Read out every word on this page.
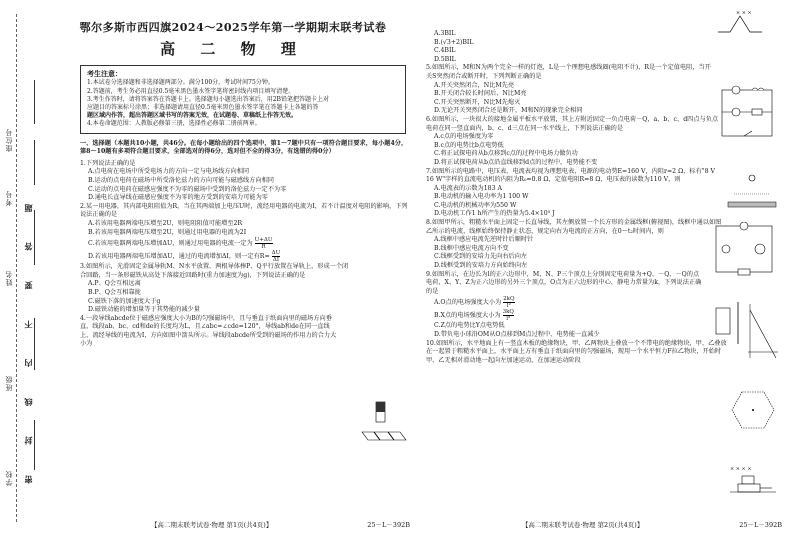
学校
班级
姓名
考号
座位号
密 封 线 内 不 要 答 题
鄂尔多斯市西四旗2024～2025学年第一学期期末联考试卷
高 二 物 理
考生注意：
1.本试卷分选择题和非选择题两部分。满分100分，考试时间75分钟。
2.答题前，考生务必用直径0.5毫米黑色墨水签字笔将密封线内项目填写清楚。
3.考生作答时，请将答案答在答题卡上。选择题每小题选出答案后，用2B铅笔把答题卡上对
应题目的答案标号涂黑；非选择题请用直径0.5毫米黑色墨水签字笔在答题卡上各题的答
题区域内作答，超出答题区域书写的答案无效，在试题卷、草稿纸上作答无效。
4.本卷命题范围：人教版必修第三册，选择性必修第二册前两章。
一、选择题（本题共10小题，共46分。在每小题给出的四个选项中，第1～7题中只有一项符合题目要求，每小题4分，第8～10题有多项符合题目要求，全部选对的得6分，选对但不全的得3分，有选错的得0分）
1.下列说法正确的是
A.点电荷在电场中所受电场力的方向一定与电场线方向相同
B.运动的点电荷在磁场中所受洛伦兹力的方向可能与磁感线方向相同
C.运动的点电荷在磁感应强度不为零的磁场中受到的洛伦兹力一定不为零
D.通电长直导线在磁感应强度不为零的地方受到的安培力可能为零
2.某一用电器，其内部电阻阻值为R，当在其两端加上电压U时，流经用电器的电流为I，若不计温度对电阻的影响，下列说法正确的是
A.若该用电器两端电压增至2U，则电阻阻值可能增至2R
B.若该用电器两端电压增至2U，则通过用电器的电流为2I
C.若该用电器两端电压增加ΔU，则通过用电器的电流一定为 $\frac{U+\Delta U}{R}$
D.若该用电器两端电压增加ΔU，通过的电流增加ΔI，则一定有$R= \frac{\Delta U}{\Delta I}$
3.如图所示，光滑固定金属导轨M、N水平放置，两根导体棒P、Q平行放置在导轨上，形成一个闭合回路，当一条形磁铁从高处下落接近回路时(重力加速度为g)，下列说法正确的是
A.P、Q会互相远离
B.P、Q会互相靠拢
C.磁铁下落的加速度大于g
D.磁铁动能的增加量等于其势能的减少量
4.一段导线abcde位于磁感应强度大小为B的匀强磁场中，且与垂直于纸面向里的磁场方向垂直，线段ab、bc、cd和de的长度均为L，且∠abc=∠cde=120°，导线ab和de在同一直线上，流经导线的电流为I，方向如图中箭头所示。导线段abcde所受到的磁场的作用力的合力大小为
【高二期末联考试卷·物理 第1页(共4页)】	25－L－392B
A.3BIL
B.(√3+2)BIL
C.4BIL
D.5BIL
5.如图所示，M和N为两个完全一样的灯泡，L是一个理想电感线圈(电阻不计)，R是一个定值电阻，当开关S突然闭合或断开时，下列判断正确的是
A.开关突然闭合，N比M先亮
B.开关闭合较长时间后，N比M亮
C.开关突然断开，N比M先熄灭
D.无论开关突然闭合还是断开，M和N的现象完全相同
6.如图所示，一块很大的接地金属平板水平放置，其上方附近固定一负点电荷－Q，a、b、c、d四点与负点电荷在同一竖直面内，b、c、d三点在同一水平线上，下列说法正确的是
A.c点的电场强度为零
B.c点的电势比b点电势低
C.将正试探电荷从b点移到c点的过程中电场力做负功
D.将正试探电荷从b点沿直线移到d点的过程中，电势能不变
7.如图所示的电路中，电压表、电流表均视为理想电表，电源的电动势E=160 V，内阻r=2 Ω，标有"8 V 16 W"字样的直流电动机的内阻为R₀=0.8 Ω，定值电阻R=8 Ω，电压表的读数为110 V，则
A.电流表的示数为183 A
B.电动机的输入电功率为1 100 W
C.电动机的机械功率为550 W
D.电动机工作1 h所产生的热量为5.4×10⁵ J
8.如图甲所示，粗糙水平面上固定一长直导线，其左侧放置一个长方形的金属线框(俯视图)，线框中通以如图乙所示的电流，线框始终保持静止状态，规定向右为电流的正方向，在0～t₂时间内，则
A.线框中感应电流先逆时针后顺时针
B.线框中感应电流方向不变
C.线框受到的安培力先向右后向左
D.线框受到的安培力方向始终向左
9.如图所示，在边长为l的正六边形中，M、N、P三个顶点上分别固定电荷量为+Q、－Q、－Q的点电荷，X、Y、Z为正六边形的另外三个顶点，O点为正六边形的中心，静电力常量为k，下列说法正确的是
A.O点的电场强度大小为 $\frac{2kQ}{\text{l²}}$
B.X点的电场强度大小为 $\frac{3kQ}{\text{l²}}$
C.Z点的电势比Y点电势低
D.带负电小球沿OM从O点移到M点过程中，电势能一直减少
10.如图所示，水平地面上有一竖直木板的绝缘物块，甲、乙两物块上叠放一个不带电的绝缘物块，甲、乙叠放在一起置于粗糙水平面上，水平面上方有垂直于纸面向里的匀强磁场，现用一个水平恒力F拉乙物块，开始时甲、乙无相对滑动地一起向左加速运动，在加速运动阶段
× × ×
× × × ×
【高二期末联考试卷·物理 第2页(共4页)】	25－L－392B
